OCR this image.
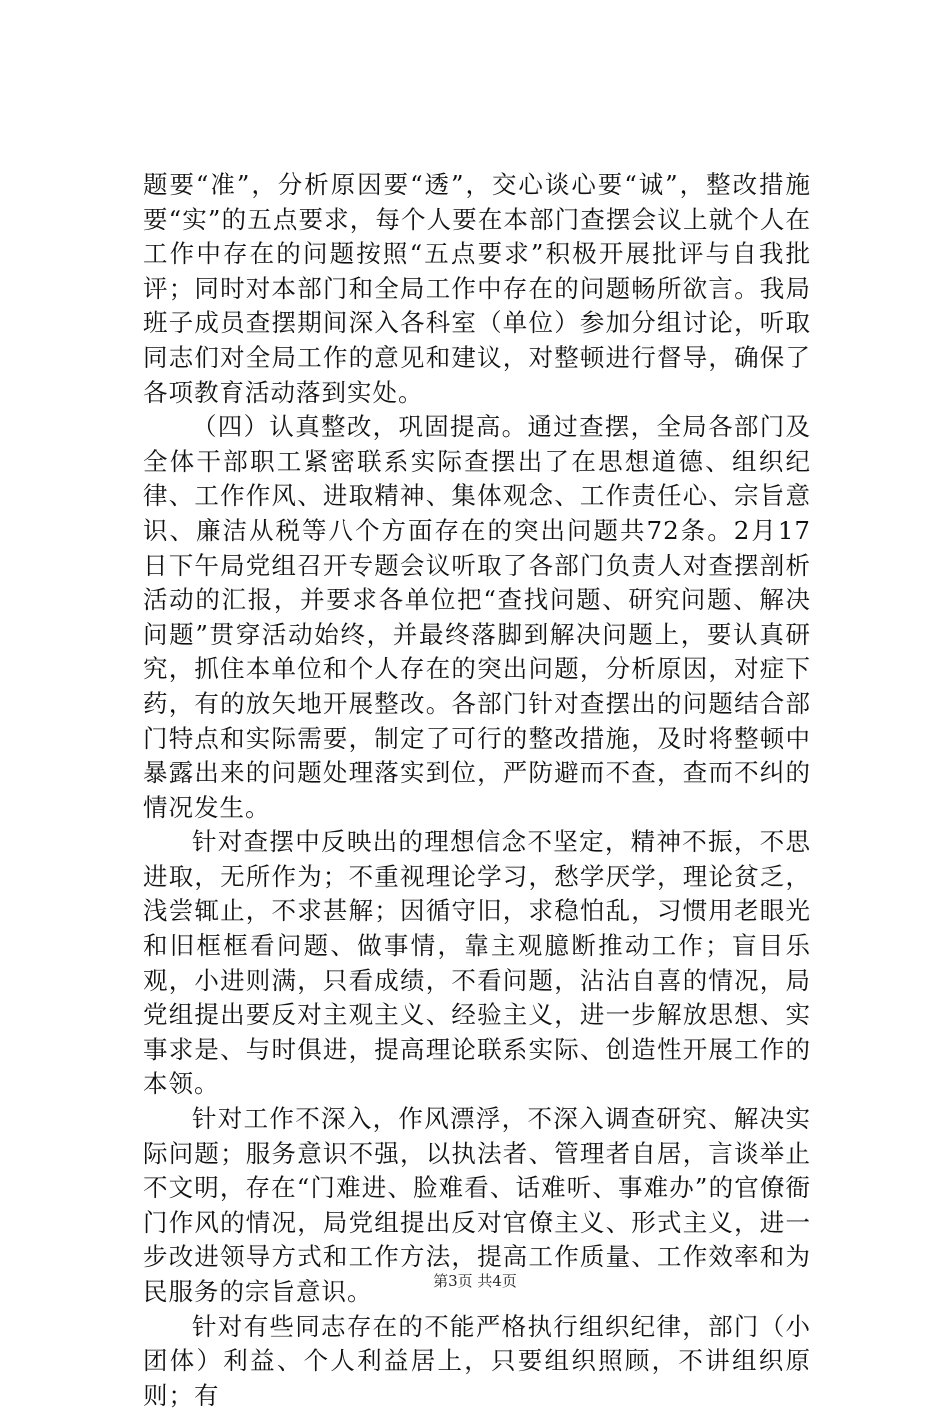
题要“准”，分析原因要“透”，交心谈心要“诚”，整改措施要“实”的五点要求，每个人要在本部门查摆会议上就个人在工作中存在的问题按照“五点要求”积极开展批评与自我批评；同时对本部门和全局工作中存在的问题畅所欲言。我局班子成员查摆期间深入各科室（单位）参加分组讨论，听取同志们对全局工作的意见和建议，对整顿进行督导，确保了各项教育活动落到实处。

（四）认真整改，巩固提高。通过查摆，全局各部门及全体干部职工紧密联系实际查摆出了在思想道德、组织纪律、工作作风、进取精神、集体观念、工作责任心、宗旨意识、廉洁从税等八个方面存在的突出问题共72条。2月17日下午局党组召开专题会议听取了各部门负责人对查摆剖析活动的汇报，并要求各单位把“查找问题、研究问题、解决问题”贯穿活动始终，并最终落脚到解决问题上，要认真研究，抓住本单位和个人存在的突出问题，分析原因，对症下药，有的放矢地开展整改。各部门针对查摆出的问题结合部门特点和实际需要，制定了可行的整改措施，及时将整顿中暴露出来的问题处理落实到位，严防避而不查，查而不纠的情况发生。

针对查摆中反映出的理想信念不坚定，精神不振，不思进取，无所作为；不重视理论学习，愁学厌学，理论贫乏，浅尝辄止，不求甚解；因循守旧，求稳怕乱，习惯用老眼光和旧框框看问题、做事情，靠主观臆断推动工作；盲目乐观，小进则满，只看成绩，不看问题，沾沾自喜的情况，局党组提出要反对主观主义、经验主义，进一步解放思想、实事求是、与时俱进，提高理论联系实际、创造性开展工作的本领。

针对工作不深入，作风漂浮，不深入调查研究、解决实际问题；服务意识不强，以执法者、管理者自居，言谈举止不文明，存在“门难进、脸难看、话难听、事难办”的官僚衙门作风的情况，局党组提出反对官僚主义、形式主义，进一步改进领导方式和工作方法，提高工作质量、工作效率和为民服务的宗旨意识。

针对有些同志存在的不能严格执行组织纪律，部门（小团体）利益、个人利益居上，只要组织照顾，不讲组织原则；有

第3页 共4页
